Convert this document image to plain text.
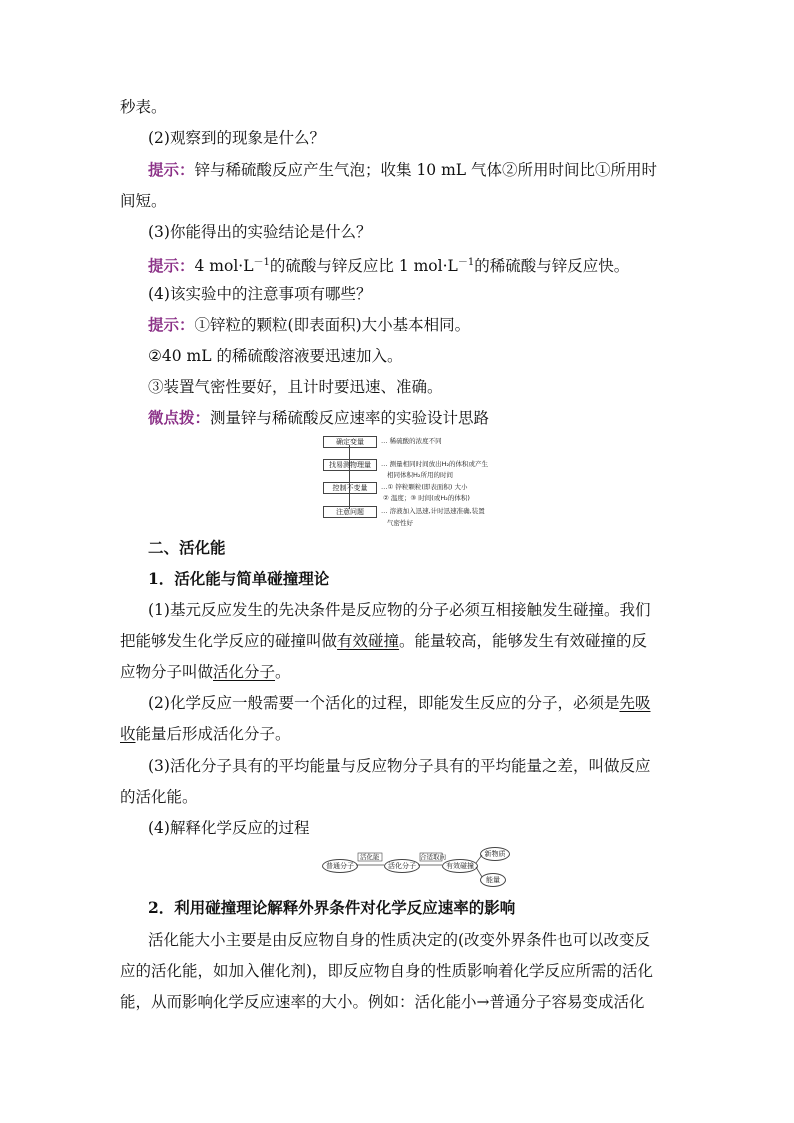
秒表。
(2)观察到的现象是什么？
提示：锌与稀硫酸反应产生气泡；收集 10 mL 气体②所用时间比①所用时
间短。
(3)你能得出的实验结论是什么？
提示：4 $mol\cdot L^{-1}$的硫酸与锌反应比 1 $mol\cdot L^{-1}$的稀硫酸与锌反应快。
(4)该实验中的注意事项有哪些？
提示：①锌粒的颗粒(即表面积)大小基本相同。
②40 mL 的稀硫酸溶液要迅速加入。
③装置气密性要好，且计时要迅速、准确。
微点拨：测量锌与稀硫酸反应速率的实验设计思路
确定变量
找易测物理量
控制不变量
注意问题
… 稀硫酸的浓度不同
… 测量相同时间放出H₂的体积或产生
相同体积H₂所用的时间
…① 锌粒颗粒(即表面积) 大小
② 温度；③ 时间(或H₂的体积)
… 溶液加入迅速,计时迅速准确,装置
气密性好
二、活化能
1．活化能与简单碰撞理论
(1)基元反应发生的先决条件是反应物的分子必须互相接触发生碰撞。我们
把能够发生化学反应的碰撞叫做有效碰撞。能量较高，能够发生有效碰撞的反
应物分子叫做活化分子。
(2)化学反应一般需要一个活化的过程，即能发生反应的分子，必须是先吸
收能量后形成活化分子。
(3)活化分子具有的平均能量与反应物分子具有的平均能量之差，叫做反应
的活化能。
(4)解释化学反应的过程
普通分子	活化分子	有效碰撞
新物质
能量
活化能	合适取向
2．利用碰撞理论解释外界条件对化学反应速率的影响
活化能大小主要是由反应物自身的性质决定的(改变外界条件也可以改变反
应的活化能，如加入催化剂)，即反应物自身的性质影响着化学反应所需的活化
能，从而影响化学反应速率的大小。例如：活化能小→普通分子容易变成活化
